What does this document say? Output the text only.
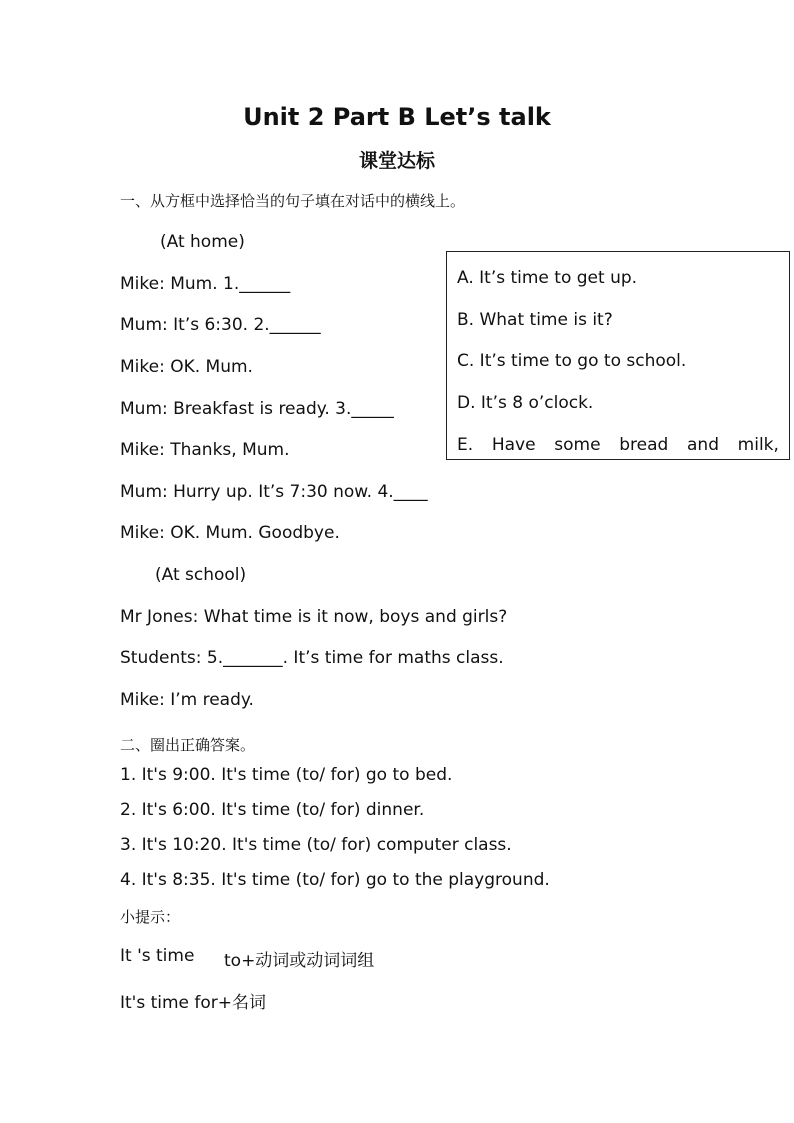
Unit 2 Part B Let’s talk
课堂达标
一、从方框中选择恰当的句子填在对话中的横线上。
(At home)
Mike: Mum. 1.______
Mum: It’s 6:30. 2.______
Mike: OK. Mum.
Mum: Breakfast is ready. 3._____
Mike: Thanks, Mum.
Mum: Hurry up. It’s 7:30 now. 4.____
Mike: OK. Mum. Goodbye.
(At school)
Mr Jones: What time is it now, boys and girls?
Students: 5._______. It’s time for maths class.
Mike: I’m ready.
A. It’s time to get up.
B. What time is it?
C. It’s time to go to school.
D. It’s 8 o’clock.
E. Have some bread and milk,
二、圈出正确答案。
1. It's 9:00. It's time (to/ for) go to bed.
2. It's 6:00. It's time (to/ for) dinner.
3. It's 10:20. It's time (to/ for) computer class.
4. It's 8:35. It's time (to/ for) go to the playground.
小提示：
It 's time to+动词或动词词组
It's time for+名词
